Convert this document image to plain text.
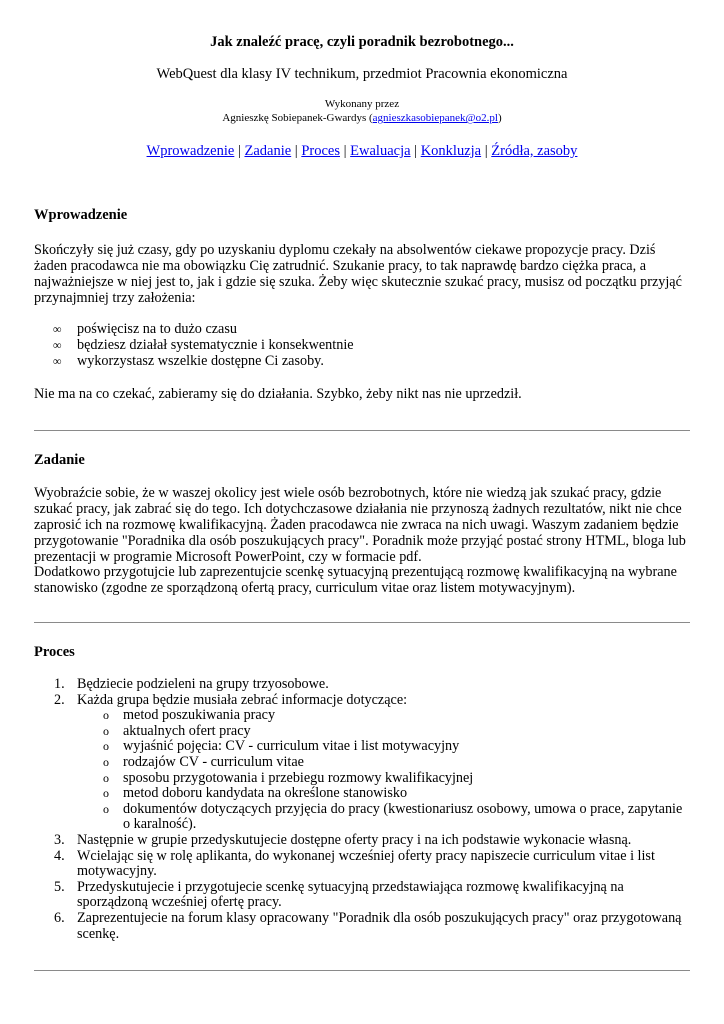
Jak znaleźć pracę, czyli poradnik bezrobotnego...
WebQuest dla klasy IV technikum, przedmiot Pracownia ekonomiczna
Wykonany przez
Agnieszkę Sobiepanek-Gwardys (agnieszkasobiepanek@o2.pl)
Wprowadzenie | Zadanie | Proces | Ewaluacja | Konkluzja | Źródła, zasoby
Wprowadzenie

Skończyły się już czasy, gdy po uzyskaniu dyplomu czekały na absolwentów ciekawe propozycje pracy. Dziś żaden pracodawca nie ma obowiązku Cię zatrudnić. Szukanie pracy, to tak naprawdę bardzo ciężka praca, a najważniejsze w niej jest to, jak i gdzie się szuka. Żeby więc skutecznie szukać pracy, musisz od początku przyjąć przynajmniej trzy założenia:

∞ poświęcisz na to dużo czasu
∞ będziesz działał systematycznie i konsekwentnie
∞ wykorzystasz wszelkie dostępne Ci zasoby.

Nie ma na co czekać, zabieramy się do działania. Szybko, żeby nikt nas nie uprzedził.

Zadanie

Wyobraźcie sobie, że w waszej okolicy jest wiele osób bezrobotnych, które nie wiedzą jak szukać pracy, gdzie szukać pracy, jak zabrać się do tego. Ich dotychczasowe działania nie przynoszą żadnych rezultatów, nikt nie chce zaprosić ich na rozmowę kwalifikacyjną. Żaden pracodawca nie zwraca na nich uwagi. Waszym zadaniem będzie przygotowanie "Poradnika dla osób poszukujących pracy". Poradnik może przyjąć postać strony HTML, bloga lub prezentacji w programie Microsoft PowerPoint, czy w formacie pdf.

Dodatkowo przygotujcie lub zaprezentujcie scenkę sytuacyjną prezentującą rozmowę kwalifikacyjną na wybrane stanowisko (zgodne ze sporządzoną ofertą pracy, curriculum vitae oraz listem motywacyjnym).

Proces
1. Będziecie podzieleni na grupy trzyosobowe.
2. Każda grupa będzie musiała zebrać informacje dotyczące:
o metod poszukiwania pracy
o aktualnych ofert pracy
o wyjaśnić pojęcia: CV - curriculum vitae i list motywacyjny
o rodzajów CV - curriculum vitae
o sposobu przygotowania i przebiegu rozmowy kwalifikacyjnej
o metod doboru kandydata na określone stanowisko
o dokumentów dotyczących przyjęcia do pracy (kwestionariusz osobowy, umowa o prace, zapytanie o karalność).
3. Następnie w grupie przedyskutujecie dostępne oferty pracy i na ich podstawie wykonacie własną.
4. Wcielając się w rolę aplikanta, do wykonanej wcześniej oferty pracy napiszecie curriculum vitae i list motywacyjny.
5. Przedyskutujecie i przygotujecie scenkę sytuacyjną przedstawiająca rozmowę kwalifikacyjną na sporządzoną wcześniej ofertę pracy.
6. Zaprezentujecie na forum klasy opracowany "Poradnik dla osób poszukujących pracy" oraz przygotowaną scenkę.
